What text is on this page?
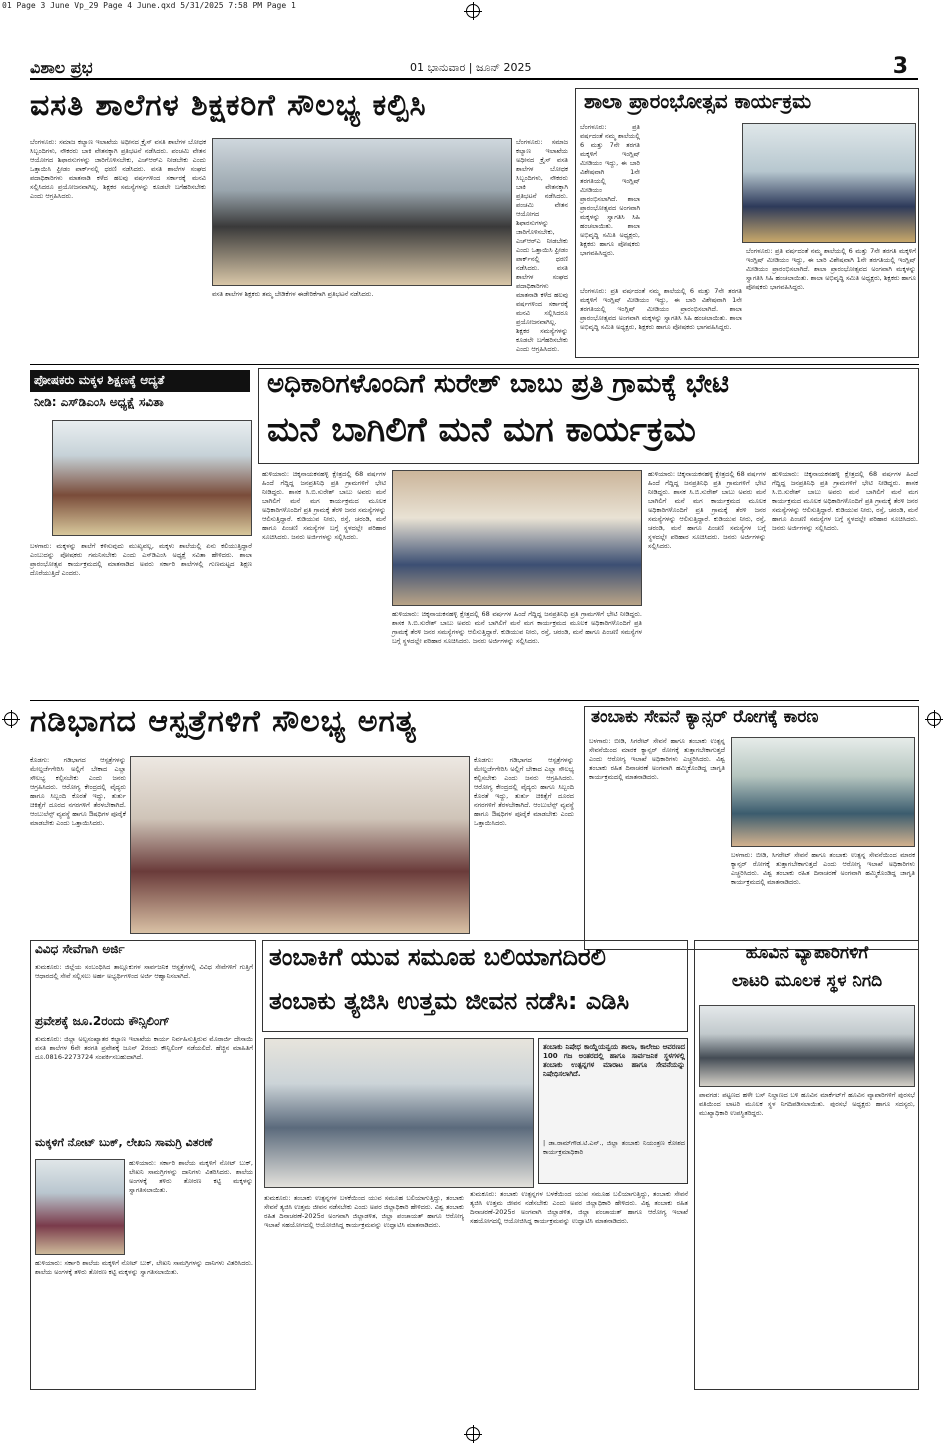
01 Page 3 June Vp_29 Page 4 June.qxd 5/31/2025 7:58 PM Page 1
ವಿಶಾಲ ಪ್ರಭ	01 ಭಾನುವಾರ | ಜೂನ್ 2025	3
ವಸತಿ ಶಾಲೆಗಳ ಶಿಕ್ಷಕರಿಗೆ ಸೌಲಭ್ಯ ಕಲ್ಪಿಸಿ
ಬೆಂಗಳೂರು: ಸಮಾಜ ಕಲ್ಯಾಣ ಇಲಾಖೆಯ ಅಧೀನದ ಕ್ರೈಸ್ ವಸತಿ ಶಾಲೆಗಳ ಬೋಧಕ ಸಿಬ್ಬಂದಿಗಳು, ನೌಕರರು ಬಾಕಿ ವೇತನಕ್ಕಾಗಿ ಪ್ರತಿಭಟನೆ ನಡೆಸಿದರು. ಪಂಚಮಿ ವೇತನ ಆಯೋಗದ ಶಿಫಾರಸುಗಳನ್ನು ಜಾರಿಗೊಳಿಸಬೇಕು, ಎಚ್‌ಆರ್‌ಎ ನೀಡಬೇಕು ಎಂದು ಒತ್ತಾಯಿಸಿ ಫ್ರೀಡಂ ಪಾರ್ಕ್‌ನಲ್ಲಿ ಧರಣಿ ನಡೆಸಿದರು. ವಸತಿ ಶಾಲೆಗಳ ಸಂಘದ ಪದಾಧಿಕಾರಿಗಳು ಮಾತನಾಡಿ ಕಳೆದ ಹಲವು ವರ್ಷಗಳಿಂದ ಸರ್ಕಾರಕ್ಕೆ ಮನವಿ ಸಲ್ಲಿಸಿದರೂ ಪ್ರಯೋಜನವಾಗಿಲ್ಲ. ಶಿಕ್ಷಕರ ಸಮಸ್ಯೆಗಳನ್ನು ಕೂಡಲೇ ಬಗೆಹರಿಸಬೇಕು ಎಂದು ಆಗ್ರಹಿಸಿದರು.
ವಸತಿ ಶಾಲೆಗಳ ಶಿಕ್ಷಕರು ತಮ್ಮ ಬೇಡಿಕೆಗಳ ಈಡೇರಿಕೆಗಾಗಿ ಪ್ರತಿಭಟನೆ ನಡೆಸಿದರು.
ಬೆಂಗಳೂರು: ಸಮಾಜ ಕಲ್ಯಾಣ ಇಲಾಖೆಯ ಅಧೀನದ ಕ್ರೈಸ್ ವಸತಿ ಶಾಲೆಗಳ ಬೋಧಕ ಸಿಬ್ಬಂದಿಗಳು, ನೌಕರರು ಬಾಕಿ ವೇತನಕ್ಕಾಗಿ ಪ್ರತಿಭಟನೆ ನಡೆಸಿದರು. ಪಂಚಮಿ ವೇತನ ಆಯೋಗದ ಶಿಫಾರಸುಗಳನ್ನು ಜಾರಿಗೊಳಿಸಬೇಕು, ಎಚ್‌ಆರ್‌ಎ ನೀಡಬೇಕು ಎಂದು ಒತ್ತಾಯಿಸಿ ಫ್ರೀಡಂ ಪಾರ್ಕ್‌ನಲ್ಲಿ ಧರಣಿ ನಡೆಸಿದರು. ವಸತಿ ಶಾಲೆಗಳ ಸಂಘದ ಪದಾಧಿಕಾರಿಗಳು ಮಾತನಾಡಿ ಕಳೆದ ಹಲವು ವರ್ಷಗಳಿಂದ ಸರ್ಕಾರಕ್ಕೆ ಮನವಿ ಸಲ್ಲಿಸಿದರೂ ಪ್ರಯೋಜನವಾಗಿಲ್ಲ. ಶಿಕ್ಷಕರ ಸಮಸ್ಯೆಗಳನ್ನು ಕೂಡಲೇ ಬಗೆಹರಿಸಬೇಕು ಎಂದು ಆಗ್ರಹಿಸಿದರು.
ಶಾಲಾ ಪ್ರಾರಂಭೋತ್ಸವ ಕಾರ್ಯಕ್ರಮ
ಬೆಂಗಳೂರು: ಪ್ರತಿ ವರ್ಷದಂತೆ ನಮ್ಮ ಶಾಲೆಯಲ್ಲಿ 6 ಮತ್ತು 7ನೇ ತರಗತಿ ಮಕ್ಕಳಿಗೆ ಇಂಗ್ಲಿಷ್ ಮೀಡಿಯಂ ಇದ್ದು, ಈ ಬಾರಿ ವಿಶೇಷವಾಗಿ 1ನೇ ತರಗತಿಯಲ್ಲಿ ಇಂಗ್ಲಿಷ್ ಮೀಡಿಯಂ ಪ್ರಾರಂಭಿಸಲಾಗಿದೆ. ಶಾಲಾ ಪ್ರಾರಂಭೋತ್ಸವದ ಅಂಗವಾಗಿ ಮಕ್ಕಳನ್ನು ಸ್ವಾಗತಿಸಿ ಸಿಹಿ ಹಂಚಲಾಯಿತು. ಶಾಲಾ ಅಭಿವೃದ್ಧಿ ಸಮಿತಿ ಅಧ್ಯಕ್ಷರು, ಶಿಕ್ಷಕರು ಹಾಗೂ ಪೋಷಕರು ಭಾಗವಹಿಸಿದ್ದರು.
ಬೆಂಗಳೂರು: ಪ್ರತಿ ವರ್ಷದಂತೆ ನಮ್ಮ ಶಾಲೆಯಲ್ಲಿ 6 ಮತ್ತು 7ನೇ ತರಗತಿ ಮಕ್ಕಳಿಗೆ ಇಂಗ್ಲಿಷ್ ಮೀಡಿಯಂ ಇದ್ದು, ಈ ಬಾರಿ ವಿಶೇಷವಾಗಿ 1ನೇ ತರಗತಿಯಲ್ಲಿ ಇಂಗ್ಲಿಷ್ ಮೀಡಿಯಂ ಪ್ರಾರಂಭಿಸಲಾಗಿದೆ. ಶಾಲಾ ಪ್ರಾರಂಭೋತ್ಸವದ ಅಂಗವಾಗಿ ಮಕ್ಕಳನ್ನು ಸ್ವಾಗತಿಸಿ ಸಿಹಿ ಹಂಚಲಾಯಿತು. ಶಾಲಾ ಅಭಿವೃದ್ಧಿ ಸಮಿತಿ ಅಧ್ಯಕ್ಷರು, ಶಿಕ್ಷಕರು ಹಾಗೂ ಪೋಷಕರು ಭಾಗವಹಿಸಿದ್ದರು.
ಬೆಂಗಳೂರು: ಪ್ರತಿ ವರ್ಷದಂತೆ ನಮ್ಮ ಶಾಲೆಯಲ್ಲಿ 6 ಮತ್ತು 7ನೇ ತರಗತಿ ಮಕ್ಕಳಿಗೆ ಇಂಗ್ಲಿಷ್ ಮೀಡಿಯಂ ಇದ್ದು, ಈ ಬಾರಿ ವಿಶೇಷವಾಗಿ 1ನೇ ತರಗತಿಯಲ್ಲಿ ಇಂಗ್ಲಿಷ್ ಮೀಡಿಯಂ ಪ್ರಾರಂಭಿಸಲಾಗಿದೆ. ಶಾಲಾ ಪ್ರಾರಂಭೋತ್ಸವದ ಅಂಗವಾಗಿ ಮಕ್ಕಳನ್ನು ಸ್ವಾಗತಿಸಿ ಸಿಹಿ ಹಂಚಲಾಯಿತು. ಶಾಲಾ ಅಭಿವೃದ್ಧಿ ಸಮಿತಿ ಅಧ್ಯಕ್ಷರು, ಶಿಕ್ಷಕರು ಹಾಗೂ ಪೋಷಕರು ಭಾಗವಹಿಸಿದ್ದರು.
ಪೋಷಕರು ಮಕ್ಕಳ ಶಿಕ್ಷಣಕ್ಕೆ ಆದ್ಯತೆ
ನೀಡಿ: ಎಸ್‌ಡಿಎಂಸಿ ಅಧ್ಯಕ್ಷೆ ಸವಿತಾ
ಬಳಗಾರು: ಮಕ್ಕಳನ್ನು ಶಾಲೆಗೆ ಕಳಿಸುವುದು ಮುಖ್ಯವಲ್ಲ, ಮಕ್ಕಳು ಶಾಲೆಯಲ್ಲಿ ಏನು ಕಲಿಯುತ್ತಿದ್ದಾರೆ ಎಂಬುದನ್ನು ಪೋಷಕರು ಗಮನಿಸಬೇಕು ಎಂದು ಎಸ್‌ಡಿಎಂಸಿ ಅಧ್ಯಕ್ಷೆ ಸವಿತಾ ಹೇಳಿದರು. ಶಾಲಾ ಪ್ರಾರಂಭೋತ್ಸವ ಕಾರ್ಯಕ್ರಮದಲ್ಲಿ ಮಾತನಾಡಿದ ಅವರು ಸರ್ಕಾರಿ ಶಾಲೆಗಳಲ್ಲಿ ಗುಣಮಟ್ಟದ ಶಿಕ್ಷಣ ದೊರೆಯುತ್ತಿದೆ ಎಂದರು.
ಅಧಿಕಾರಿಗಳೊಂದಿಗೆ ಸುರೇಶ್ ಬಾಬು ಪ್ರತಿ ಗ್ರಾಮಕ್ಕೆ ಭೇಟಿ
ಮನೆ ಬಾಗಿಲಿಗೆ ಮನೆ ಮಗ ಕಾರ್ಯಕ್ರಮ
ಹುಳಿಯಾರು: ಚಿಕ್ಕನಾಯಕನಹಳ್ಳಿ ಕ್ಷೇತ್ರದಲ್ಲಿ 68 ವರ್ಷಗಳ ಹಿಂದೆ ಗೆದ್ದಿದ್ದ ಜನಪ್ರತಿನಿಧಿ ಪ್ರತಿ ಗ್ರಾಮಗಳಿಗೆ ಭೇಟಿ ನೀಡಿದ್ದರು. ಶಾಸಕ ಸಿ.ಬಿ.ಸುರೇಶ್ ಬಾಬು ಅವರು ಮನೆ ಬಾಗಿಲಿಗೆ ಮನೆ ಮಗ ಕಾರ್ಯಕ್ರಮದ ಮೂಲಕ ಅಧಿಕಾರಿಗಳೊಂದಿಗೆ ಪ್ರತಿ ಗ್ರಾಮಕ್ಕೆ ತೆರಳಿ ಜನರ ಸಮಸ್ಯೆಗಳನ್ನು ಆಲಿಸುತ್ತಿದ್ದಾರೆ. ಕುಡಿಯುವ ನೀರು, ರಸ್ತೆ, ಚರಂಡಿ, ಮನೆ ಹಾಗೂ ಪಿಂಚಣಿ ಸಮಸ್ಯೆಗಳ ಬಗ್ಗೆ ಸ್ಥಳದಲ್ಲೇ ಪರಿಹಾರ ಸೂಚಿಸಿದರು. ಜನರು ಅರ್ಜಿಗಳನ್ನು ಸಲ್ಲಿಸಿದರು.
ಹುಳಿಯಾರು: ಚಿಕ್ಕನಾಯಕನಹಳ್ಳಿ ಕ್ಷೇತ್ರದಲ್ಲಿ 68 ವರ್ಷಗಳ ಹಿಂದೆ ಗೆದ್ದಿದ್ದ ಜನಪ್ರತಿನಿಧಿ ಪ್ರತಿ ಗ್ರಾಮಗಳಿಗೆ ಭೇಟಿ ನೀಡಿದ್ದರು. ಶಾಸಕ ಸಿ.ಬಿ.ಸುರೇಶ್ ಬಾಬು ಅವರು ಮನೆ ಬಾಗಿಲಿಗೆ ಮನೆ ಮಗ ಕಾರ್ಯಕ್ರಮದ ಮೂಲಕ ಅಧಿಕಾರಿಗಳೊಂದಿಗೆ ಪ್ರತಿ ಗ್ರಾಮಕ್ಕೆ ತೆರಳಿ ಜನರ ಸಮಸ್ಯೆಗಳನ್ನು ಆಲಿಸುತ್ತಿದ್ದಾರೆ. ಕುಡಿಯುವ ನೀರು, ರಸ್ತೆ, ಚರಂಡಿ, ಮನೆ ಹಾಗೂ ಪಿಂಚಣಿ ಸಮಸ್ಯೆಗಳ ಬಗ್ಗೆ ಸ್ಥಳದಲ್ಲೇ ಪರಿಹಾರ ಸೂಚಿಸಿದರು. ಜನರು ಅರ್ಜಿಗಳನ್ನು ಸಲ್ಲಿಸಿದರು.
ಹುಳಿಯಾರು: ಚಿಕ್ಕನಾಯಕನಹಳ್ಳಿ ಕ್ಷೇತ್ರದಲ್ಲಿ 68 ವರ್ಷಗಳ ಹಿಂದೆ ಗೆದ್ದಿದ್ದ ಜನಪ್ರತಿನಿಧಿ ಪ್ರತಿ ಗ್ರಾಮಗಳಿಗೆ ಭೇಟಿ ನೀಡಿದ್ದರು. ಶಾಸಕ ಸಿ.ಬಿ.ಸುರೇಶ್ ಬಾಬು ಅವರು ಮನೆ ಬಾಗಿಲಿಗೆ ಮನೆ ಮಗ ಕಾರ್ಯಕ್ರಮದ ಮೂಲಕ ಅಧಿಕಾರಿಗಳೊಂದಿಗೆ ಪ್ರತಿ ಗ್ರಾಮಕ್ಕೆ ತೆರಳಿ ಜನರ ಸಮಸ್ಯೆಗಳನ್ನು ಆಲಿಸುತ್ತಿದ್ದಾರೆ. ಕುಡಿಯುವ ನೀರು, ರಸ್ತೆ, ಚರಂಡಿ, ಮನೆ ಹಾಗೂ ಪಿಂಚಣಿ ಸಮಸ್ಯೆಗಳ ಬಗ್ಗೆ ಸ್ಥಳದಲ್ಲೇ ಪರಿಹಾರ ಸೂಚಿಸಿದರು. ಜನರು ಅರ್ಜಿಗಳನ್ನು ಸಲ್ಲಿಸಿದರು.
ಹುಳಿಯಾರು: ಚಿಕ್ಕನಾಯಕನಹಳ್ಳಿ ಕ್ಷೇತ್ರದಲ್ಲಿ 68 ವರ್ಷಗಳ ಹಿಂದೆ ಗೆದ್ದಿದ್ದ ಜನಪ್ರತಿನಿಧಿ ಪ್ರತಿ ಗ್ರಾಮಗಳಿಗೆ ಭೇಟಿ ನೀಡಿದ್ದರು. ಶಾಸಕ ಸಿ.ಬಿ.ಸುರೇಶ್ ಬಾಬು ಅವರು ಮನೆ ಬಾಗಿಲಿಗೆ ಮನೆ ಮಗ ಕಾರ್ಯಕ್ರಮದ ಮೂಲಕ ಅಧಿಕಾರಿಗಳೊಂದಿಗೆ ಪ್ರತಿ ಗ್ರಾಮಕ್ಕೆ ತೆರಳಿ ಜನರ ಸಮಸ್ಯೆಗಳನ್ನು ಆಲಿಸುತ್ತಿದ್ದಾರೆ. ಕುಡಿಯುವ ನೀರು, ರಸ್ತೆ, ಚರಂಡಿ, ಮನೆ ಹಾಗೂ ಪಿಂಚಣಿ ಸಮಸ್ಯೆಗಳ ಬಗ್ಗೆ ಸ್ಥಳದಲ್ಲೇ ಪರಿಹಾರ ಸೂಚಿಸಿದರು. ಜನರು ಅರ್ಜಿಗಳನ್ನು ಸಲ್ಲಿಸಿದರು.
ಗಡಿಭಾಗದ ಆಸ್ಪತ್ರೆಗಳಿಗೆ ಸೌಲಭ್ಯ ಅಗತ್ಯ
ಕೊಡಗು: ಗಡಿಭಾಗದ ಆಸ್ಪತ್ರೆಗಳನ್ನು ಮೇಲ್ದರ್ಜೆಗೇರಿಸಿ ಅಲ್ಲಿಗೆ ಬೇಕಾದ ಎಲ್ಲಾ ಸೌಲಭ್ಯ ಕಲ್ಪಿಸಬೇಕು ಎಂದು ಜನರು ಆಗ್ರಹಿಸಿದರು. ಆರೋಗ್ಯ ಕೇಂದ್ರದಲ್ಲಿ ವೈದ್ಯರು ಹಾಗೂ ಸಿಬ್ಬಂದಿ ಕೊರತೆ ಇದ್ದು, ತುರ್ತು ಚಿಕಿತ್ಸೆಗೆ ದೂರದ ನಗರಗಳಿಗೆ ತೆರಳಬೇಕಾಗಿದೆ. ಆಂಬುಲೆನ್ಸ್ ವ್ಯವಸ್ಥೆ ಹಾಗೂ ಔಷಧಿಗಳ ಪೂರೈಕೆ ಮಾಡಬೇಕು ಎಂದು ಒತ್ತಾಯಿಸಿದರು.
ಕೊಡಗು: ಗಡಿಭಾಗದ ಆಸ್ಪತ್ರೆಗಳನ್ನು ಮೇಲ್ದರ್ಜೆಗೇರಿಸಿ ಅಲ್ಲಿಗೆ ಬೇಕಾದ ಎಲ್ಲಾ ಸೌಲಭ್ಯ ಕಲ್ಪಿಸಬೇಕು ಎಂದು ಜನರು ಆಗ್ರಹಿಸಿದರು. ಆರೋಗ್ಯ ಕೇಂದ್ರದಲ್ಲಿ ವೈದ್ಯರು ಹಾಗೂ ಸಿಬ್ಬಂದಿ ಕೊರತೆ ಇದ್ದು, ತುರ್ತು ಚಿಕಿತ್ಸೆಗೆ ದೂರದ ನಗರಗಳಿಗೆ ತೆರಳಬೇಕಾಗಿದೆ. ಆಂಬುಲೆನ್ಸ್ ವ್ಯವಸ್ಥೆ ಹಾಗೂ ಔಷಧಿಗಳ ಪೂರೈಕೆ ಮಾಡಬೇಕು ಎಂದು ಒತ್ತಾಯಿಸಿದರು.
ತಂಬಾಕು ಸೇವನೆ ಕ್ಯಾನ್ಸರ್ ರೋಗಕ್ಕೆ ಕಾರಣ
ಬಳಗಾರು: ಬೀಡಿ, ಸಿಗರೇಟ್ ಸೇವನೆ ಹಾಗೂ ತಂಬಾಕು ಉತ್ಪನ್ನ ಸೇವನೆಯಿಂದ ಮಾರಕ ಕ್ಯಾನ್ಸರ್ ರೋಗಕ್ಕೆ ತುತ್ತಾಗಬೇಕಾಗುತ್ತದೆ ಎಂದು ಆರೋಗ್ಯ ಇಲಾಖೆ ಅಧಿಕಾರಿಗಳು ಎಚ್ಚರಿಸಿದರು. ವಿಶ್ವ ತಂಬಾಕು ರಹಿತ ದಿನಾಚರಣೆ ಅಂಗವಾಗಿ ಹಮ್ಮಿಕೊಂಡಿದ್ದ ಜಾಗೃತಿ ಕಾರ್ಯಕ್ರಮದಲ್ಲಿ ಮಾತನಾಡಿದರು.
ಬಳಗಾರು: ಬೀಡಿ, ಸಿಗರೇಟ್ ಸೇವನೆ ಹಾಗೂ ತಂಬಾಕು ಉತ್ಪನ್ನ ಸೇವನೆಯಿಂದ ಮಾರಕ ಕ್ಯಾನ್ಸರ್ ರೋಗಕ್ಕೆ ತುತ್ತಾಗಬೇಕಾಗುತ್ತದೆ ಎಂದು ಆರೋಗ್ಯ ಇಲಾಖೆ ಅಧಿಕಾರಿಗಳು ಎಚ್ಚರಿಸಿದರು. ವಿಶ್ವ ತಂಬಾಕು ರಹಿತ ದಿನಾಚರಣೆ ಅಂಗವಾಗಿ ಹಮ್ಮಿಕೊಂಡಿದ್ದ ಜಾಗೃತಿ ಕಾರ್ಯಕ್ರಮದಲ್ಲಿ ಮಾತನಾಡಿದರು.
ವಿವಿಧ ಸೇವೆಗಾಗಿ ಅರ್ಜಿ
ತುಮಕೂರು: ಜಿಲ್ಲೆಯ ಸಂಬಂಧಿಸಿದ ತಾಲ್ಲೂಕುಗಳ ಸಾರ್ವಜನಿಕ ಆಸ್ಪತ್ರೆಗಳಲ್ಲಿ ವಿವಿಧ ಸೇವೆಗಳಿಗೆ ಗುತ್ತಿಗೆ ಆಧಾರದಲ್ಲಿ ಸೇವೆ ಸಲ್ಲಿಸಲು ಅರ್ಹ ಅಭ್ಯರ್ಥಿಗಳಿಂದ ಅರ್ಜಿ ಆಹ್ವಾನಿಸಲಾಗಿದೆ.
ಪ್ರವೇಶಕ್ಕೆ ಜೂ.2ರಂದು ಕೌನ್ಸಿಲಿಂಗ್
ತುಮಕೂರು: ಜಿಲ್ಲಾ ಅಲ್ಪಸಂಖ್ಯಾತರ ಕಲ್ಯಾಣ ಇಲಾಖೆಯ ಕಾರ್ಯ ನಿರ್ವಹಿಸುತ್ತಿರುವ ಮೊರಾರ್ಜಿ ದೇಸಾಯಿ ವಸತಿ ಶಾಲೆಗಳ 6ನೇ ತರಗತಿ ಪ್ರವೇಶಕ್ಕೆ ಜೂನ್ 2ರಂದು ಕೌನ್ಸಿಲಿಂಗ್ ನಡೆಯಲಿದೆ. ಹೆಚ್ಚಿನ ಮಾಹಿತಿಗೆ ದೂ.0816-2273724 ಸಂಪರ್ಕಿಸಬಹುದಾಗಿದೆ.
ಮಕ್ಕಳಿಗೆ ನೋಟ್ ಬುಕ್, ಲೇಖನಿ ಸಾಮಗ್ರಿ ವಿತರಣೆ
ಹುಳಿಯಾರು: ಸರ್ಕಾರಿ ಶಾಲೆಯ ಮಕ್ಕಳಿಗೆ ನೋಟ್ ಬುಕ್, ಲೇಖನಿ ಸಾಮಗ್ರಿಗಳನ್ನು ದಾನಿಗಳು ವಿತರಿಸಿದರು. ಶಾಲೆಯ ಅಂಗಳಕ್ಕೆ ತಳಿರು ತೋರಣ ಕಟ್ಟಿ ಮಕ್ಕಳನ್ನು ಸ್ವಾಗತಿಸಲಾಯಿತು.
ಹುಳಿಯಾರು: ಸರ್ಕಾರಿ ಶಾಲೆಯ ಮಕ್ಕಳಿಗೆ ನೋಟ್ ಬುಕ್, ಲೇಖನಿ ಸಾಮಗ್ರಿಗಳನ್ನು ದಾನಿಗಳು ವಿತರಿಸಿದರು. ಶಾಲೆಯ ಅಂಗಳಕ್ಕೆ ತಳಿರು ತೋರಣ ಕಟ್ಟಿ ಮಕ್ಕಳನ್ನು ಸ್ವಾಗತಿಸಲಾಯಿತು.
ತಂಬಾಕಿಗೆ ಯುವ ಸಮೂಹ ಬಲಿಯಾಗದಿರಲಿ
ತಂಬಾಕು ತ್ಯಜಿಸಿ ಉತ್ತಮ ಜೀವನ ನಡೆಸಿ: ಎಡಿಸಿ
ತಂಬಾಕು ನಿಷೇಧ ಕಾಯ್ದೆಯನ್ವಯ ಶಾಲಾ, ಕಾಲೇಜು ಆವರಣದ 100 ಗಜ ಅಂತರದಲ್ಲಿ ಹಾಗೂ ಸಾರ್ವಜನಿಕ ಸ್ಥಳಗಳಲ್ಲಿ ತಂಬಾಕು ಉತ್ಪನ್ನಗಳ ಮಾರಾಟ ಹಾಗೂ ಸೇವನೆಯನ್ನು ನಿಷೇಧಿಸಲಾಗಿದೆ.
| ಡಾ.ರಾಮ್‌ಗೌಡ.ಟಿ.ಎನ್., ಜಿಲ್ಲಾ ತಂಬಾಕು ನಿಯಂತ್ರಣ ಕೋಶದ ಕಾರ್ಯಕ್ರಮಾಧಿಕಾರಿ
ತುಮಕೂರು: ತಂಬಾಕು ಉತ್ಪನ್ನಗಳ ಬಳಕೆಯಿಂದ ಯುವ ಸಮೂಹ ಬಲಿಯಾಗುತ್ತಿದ್ದು, ತಂಬಾಕು ಸೇವನೆ ತ್ಯಜಿಸಿ ಉತ್ತಮ ಜೀವನ ನಡೆಸಬೇಕು ಎಂದು ಅಪರ ಜಿಲ್ಲಾಧಿಕಾರಿ ಹೇಳಿದರು. ವಿಶ್ವ ತಂಬಾಕು ರಹಿತ ದಿನಾಚರಣೆ-2025ರ ಅಂಗವಾಗಿ ಜಿಲ್ಲಾಡಳಿತ, ಜಿಲ್ಲಾ ಪಂಚಾಯತ್ ಹಾಗೂ ಆರೋಗ್ಯ ಇಲಾಖೆ ಸಹಯೋಗದಲ್ಲಿ ಆಯೋಜಿಸಿದ್ದ ಕಾರ್ಯಕ್ರಮವನ್ನು ಉದ್ಘಾಟಿಸಿ ಮಾತನಾಡಿದರು.
ತುಮಕೂರು: ತಂಬಾಕು ಉತ್ಪನ್ನಗಳ ಬಳಕೆಯಿಂದ ಯುವ ಸಮೂಹ ಬಲಿಯಾಗುತ್ತಿದ್ದು, ತಂಬಾಕು ಸೇವನೆ ತ್ಯಜಿಸಿ ಉತ್ತಮ ಜೀವನ ನಡೆಸಬೇಕು ಎಂದು ಅಪರ ಜಿಲ್ಲಾಧಿಕಾರಿ ಹೇಳಿದರು. ವಿಶ್ವ ತಂಬಾಕು ರಹಿತ ದಿನಾಚರಣೆ-2025ರ ಅಂಗವಾಗಿ ಜಿಲ್ಲಾಡಳಿತ, ಜಿಲ್ಲಾ ಪಂಚಾಯತ್ ಹಾಗೂ ಆರೋಗ್ಯ ಇಲಾಖೆ ಸಹಯೋಗದಲ್ಲಿ ಆಯೋಜಿಸಿದ್ದ ಕಾರ್ಯಕ್ರಮವನ್ನು ಉದ್ಘಾಟಿಸಿ ಮಾತನಾಡಿದರು.
ಹೂವಿನ ವ್ಯಾಪಾರಿಗಳಿಗೆ
ಲಾಟರಿ ಮೂಲಕ ಸ್ಥಳ ನಿಗದಿ
ಪಾವಗಡ: ಪಟ್ಟಣದ ಹಳೇ ಬಸ್ ನಿಲ್ದಾಣದ ಬಳಿ ಹೂವಿನ ಮಾರ್ಕೆಟ್‌ಗೆ ಹೂವಿನ ವ್ಯಾಪಾರಿಗಳಿಗೆ ಪುರಸಭೆ ವತಿಯಿಂದ ಲಾಟರಿ ಮೂಲಕ ಸ್ಥಳ ನಿಗದಿಪಡಿಸಲಾಯಿತು. ಪುರಸಭೆ ಅಧ್ಯಕ್ಷರು ಹಾಗೂ ಸದಸ್ಯರು, ಮುಖ್ಯಾಧಿಕಾರಿ ಉಪಸ್ಥಿತರಿದ್ದರು.
